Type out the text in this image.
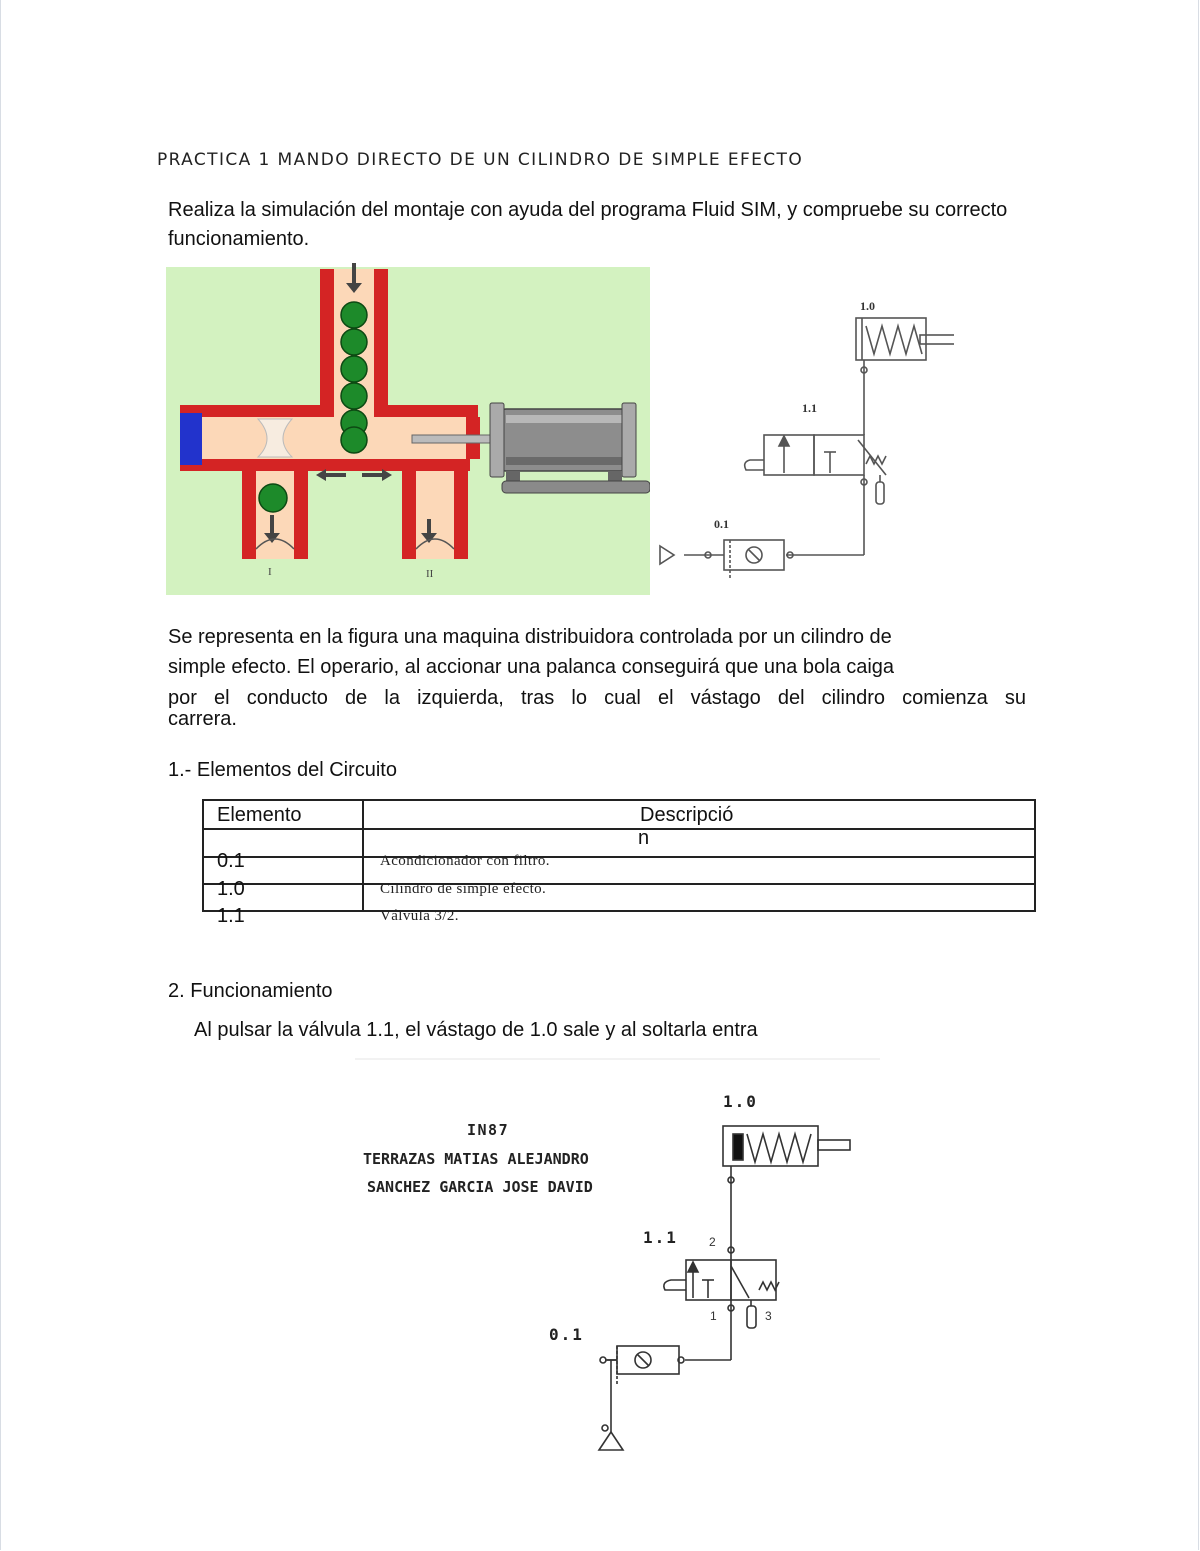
PRACTICA 1 MANDO DIRECTO DE UN CILINDRO DE SIMPLE EFECTO
Realiza la simulación del montaje con ayuda del programa Fluid SIM, y compruebe su correcto funcionamiento.
I	II
1.0
1.1
0.1
Se representa en la figura una maquina distribuidora controlada por un cilindro de
simple efecto. El operario, al accionar una palanca conseguirá que una bola caiga
por el conducto de la izquierda, tras lo cual el vástago del cilindro comienza su
carrera.
1.- Elementos del Circuito
Elemento	Descripció
n
0.1	Acondicionador con filtro.
1.0	Cilindro de simple efecto.
1.1	Válvula 3/2.
2. Funcionamiento
Al pulsar la válvula 1.1, el vástago de 1.0 sale y al soltarla entra
IN87
TERRAZAS MATIAS ALEJANDRO
SANCHEZ GARCIA JOSE DAVID
1.0
1.1
0.1
2
1	3
